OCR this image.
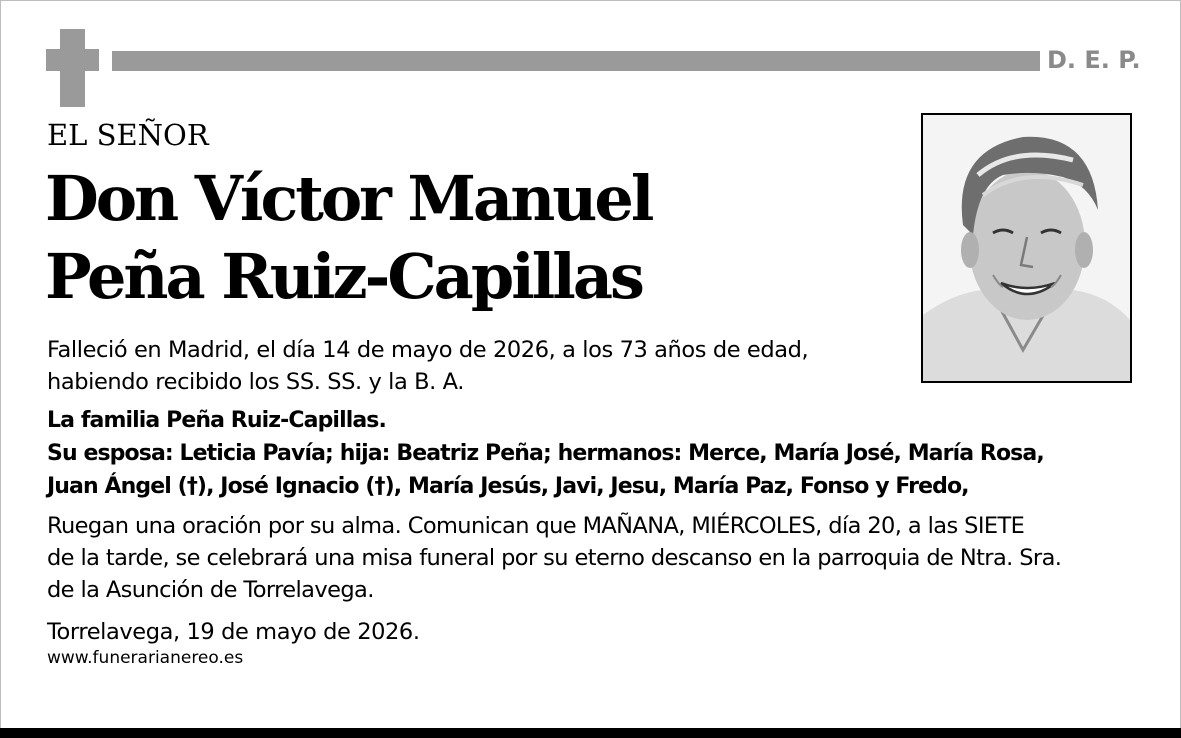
D. E. P.
EL SEÑOR
Don Víctor Manuel
Peña Ruiz-Capillas
Falleció en Madrid, el día 14 de mayo de 2026, a los 73 años de edad,
habiendo recibido los SS. SS. y la B. A.
La familia Peña Ruiz-Capillas.
Su esposa: Leticia Pavía; hija: Beatriz Peña; hermanos: Merce, María José, María Rosa,
Juan Ángel (†), José Ignacio (†), María Jesús, Javi, Jesu, María Paz, Fonso y Fredo,
Ruegan una oración por su alma. Comunican que MAÑANA, MIÉRCOLES, día 20, a las SIETE
de la tarde, se celebrará una misa funeral por su eterno descanso en la parroquia de Ntra. Sra.
de la Asunción de Torrelavega.
Torrelavega, 19 de mayo de 2026.
www.funerarianereo.es
